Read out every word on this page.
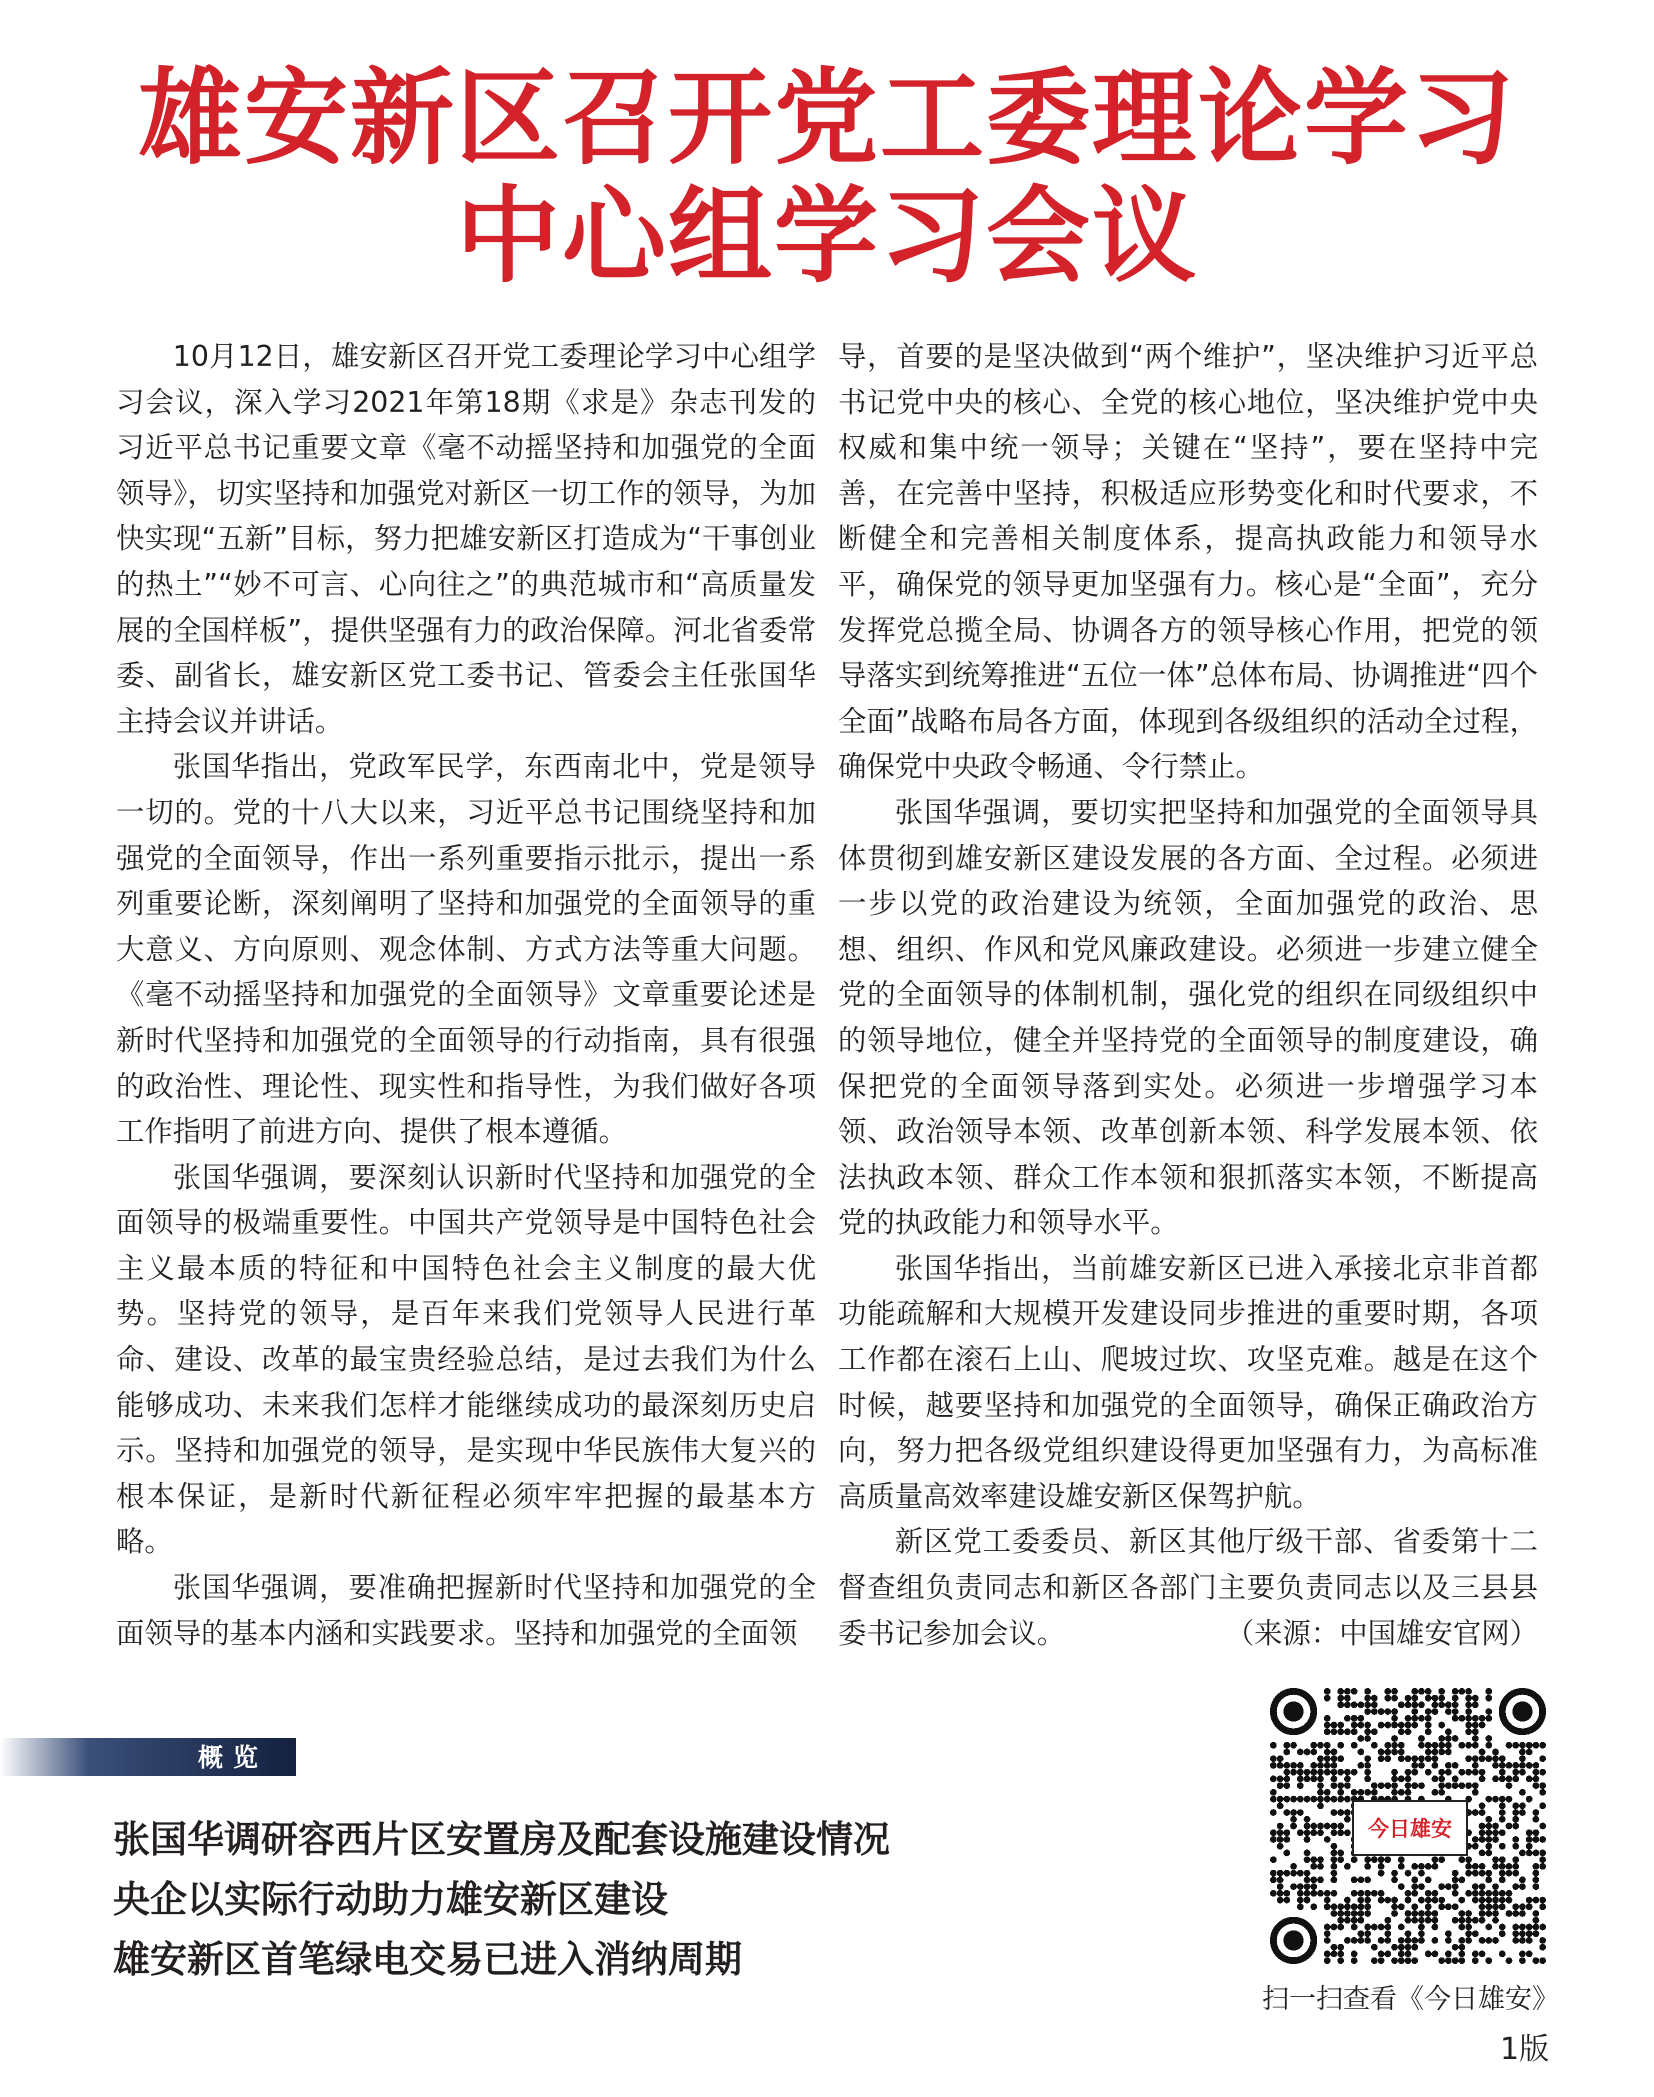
雄安新区召开党工委理论学习
中心组学习会议

10月12日，雄安新区召开党工委理论学习中心组学习会议，深入学习2021年第18期《求是》杂志刊发的习近平总书记重要文章《毫不动摇坚持和加强党的全面领导》，切实坚持和加强党对新区一切工作的领导，为加快实现“五新”目标，努力把雄安新区打造成为“干事创业的热土”“妙不可言、心向往之”的典范城市和“高质量发展的全国样板”，提供坚强有力的政治保障。河北省委常委、副省长，雄安新区党工委书记、管委会主任张国华主持会议并讲话。

张国华指出，党政军民学，东西南北中，党是领导一切的。党的十八大以来，习近平总书记围绕坚持和加强党的全面领导，作出一系列重要指示批示，提出一系列重要论断，深刻阐明了坚持和加强党的全面领导的重大意义、方向原则、观念体制、方式方法等重大问题。《毫不动摇坚持和加强党的全面领导》文章重要论述是新时代坚持和加强党的全面领导的行动指南，具有很强的政治性、理论性、现实性和指导性，为我们做好各项工作指明了前进方向、提供了根本遵循。

张国华强调，要深刻认识新时代坚持和加强党的全面领导的极端重要性。中国共产党领导是中国特色社会主义最本质的特征和中国特色社会主义制度的最大优势。坚持党的领导，是百年来我们党领导人民进行革命、建设、改革的最宝贵经验总结，是过去我们为什么能够成功、未来我们怎样才能继续成功的最深刻历史启示。坚持和加强党的领导，是实现中华民族伟大复兴的根本保证，是新时代新征程必须牢牢把握的最基本方略。

张国华强调，要准确把握新时代坚持和加强党的全面领导的基本内涵和实践要求。坚持和加强党的全面领

导，首要的是坚决做到“两个维护”，坚决维护习近平总书记党中央的核心、全党的核心地位，坚决维护党中央权威和集中统一领导；关键在“坚持”，要在坚持中完善，在完善中坚持，积极适应形势变化和时代要求，不断健全和完善相关制度体系，提高执政能力和领导水平，确保党的领导更加坚强有力。核心是“全面”，充分发挥党总揽全局、协调各方的领导核心作用，把党的领导落实到统筹推进“五位一体”总体布局、协调推进“四个全面”战略布局各方面，体现到各级组织的活动全过程，确保党中央政令畅通、令行禁止。

张国华强调，要切实把坚持和加强党的全面领导具体贯彻到雄安新区建设发展的各方面、全过程。必须进一步以党的政治建设为统领，全面加强党的政治、思想、组织、作风和党风廉政建设。必须进一步建立健全党的全面领导的体制机制，强化党的组织在同级组织中的领导地位，健全并坚持党的全面领导的制度建设，确保把党的全面领导落到实处。必须进一步增强学习本领、政治领导本领、改革创新本领、科学发展本领、依法执政本领、群众工作本领和狠抓落实本领，不断提高党的执政能力和领导水平。

张国华指出，当前雄安新区已进入承接北京非首都功能疏解和大规模开发建设同步推进的重要时期，各项工作都在滚石上山、爬坡过坎、攻坚克难。越是在这个时候，越要坚持和加强党的全面领导，确保正确政治方向，努力把各级党组织建设得更加坚强有力，为高标准高质量高效率建设雄安新区保驾护航。

新区党工委委员、新区其他厅级干部、省委第十二督查组负责同志和新区各部门主要负责同志以及三县县委书记参加会议。	（来源：中国雄安官网）

概览
张国华调研容西片区安置房及配套设施建设情况
央企以实际行动助力雄安新区建设
雄安新区首笔绿电交易已进入消纳周期
今日雄安
扫一扫查看《今日雄安》
1版
